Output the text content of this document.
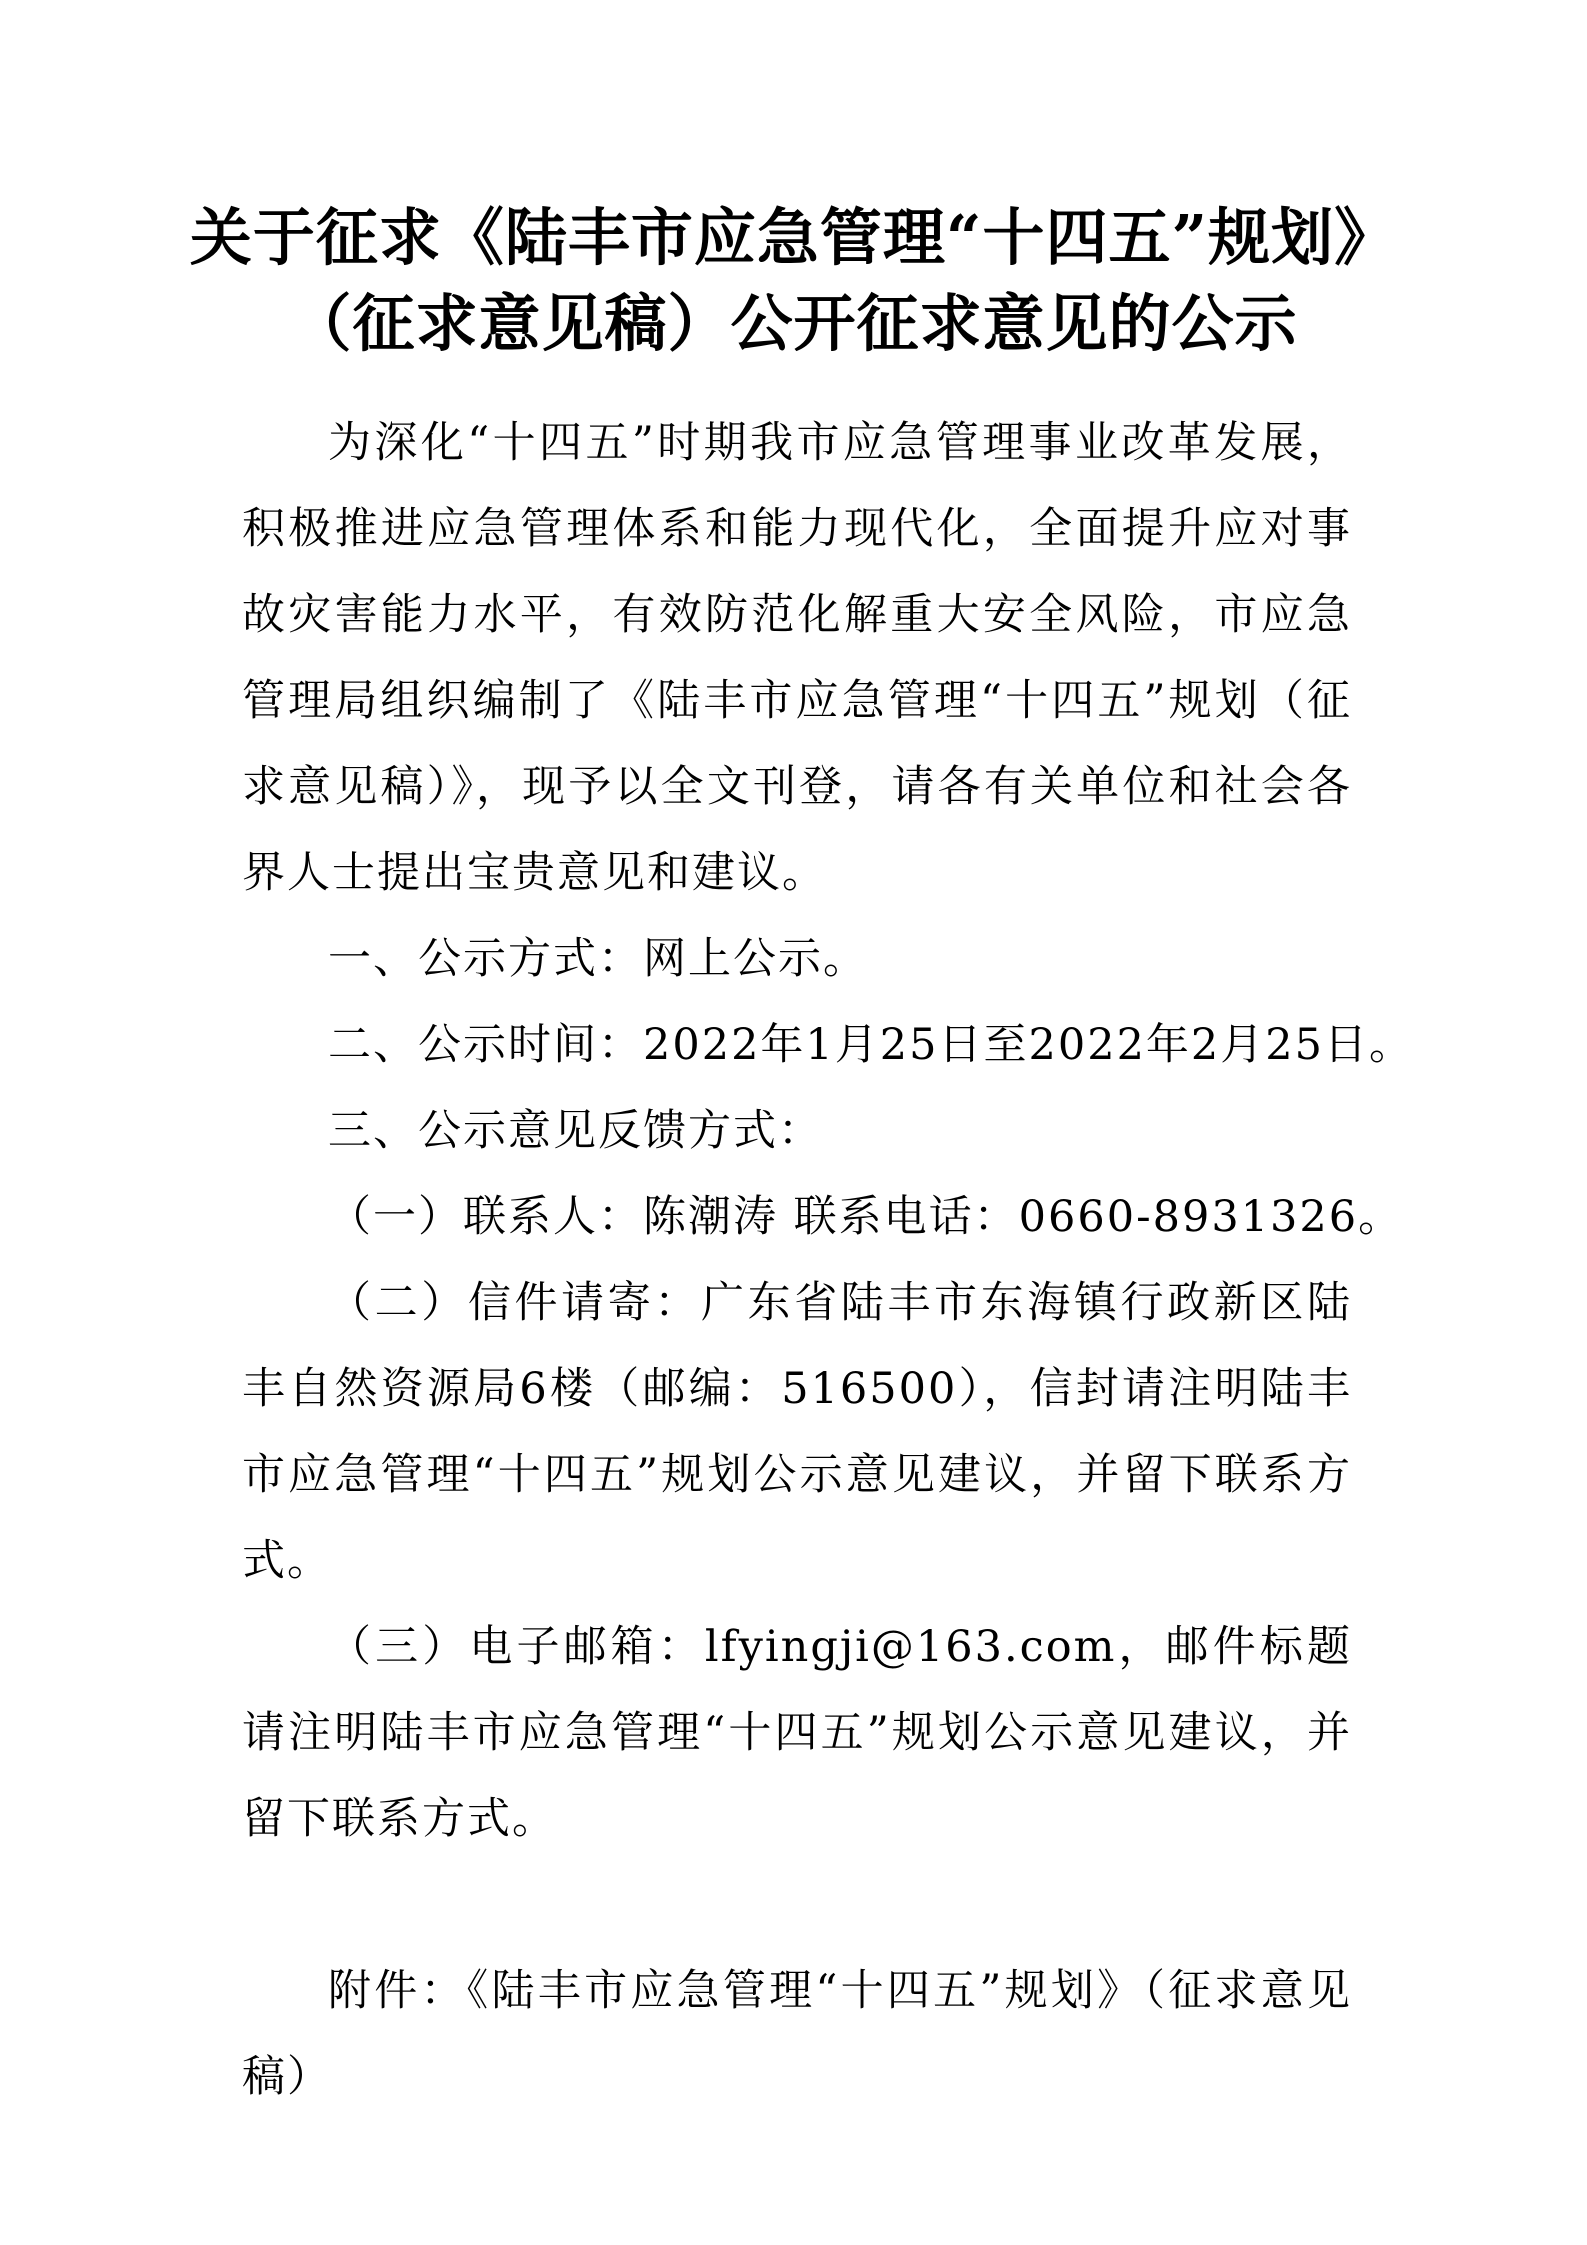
关于征求《陆丰市应急管理“十四五”规划》
（征求意见稿）公开征求意见的公示

为深化“十四五”时期我市应急管理事业改革发展，积极推进应急管理体系和能力现代化，全面提升应对事故灾害能力水平，有效防范化解重大安全风险，市应急管理局组织编制了《陆丰市应急管理“十四五”规划（征求意见稿）》，现予以全文刊登，请各有关单位和社会各界人士提出宝贵意见和建议。

一、公示方式：网上公示。

二、公示时间：2022年1月25日至2022年2月25日。

三、公示意见反馈方式：

（一）联系人：陈潮涛 联系电话：0660-8931326。

（二）信件请寄：广东省陆丰市东海镇行政新区陆丰自然资源局6楼（邮编：516500），信封请注明陆丰市应急管理“十四五”规划公示意见建议，并留下联系方式。

（三）电子邮箱：lfyingji@163.com，邮件标题请注明陆丰市应急管理“十四五”规划公示意见建议，并留下联系方式。

附件：《陆丰市应急管理“十四五”规划》（征求意见稿）
